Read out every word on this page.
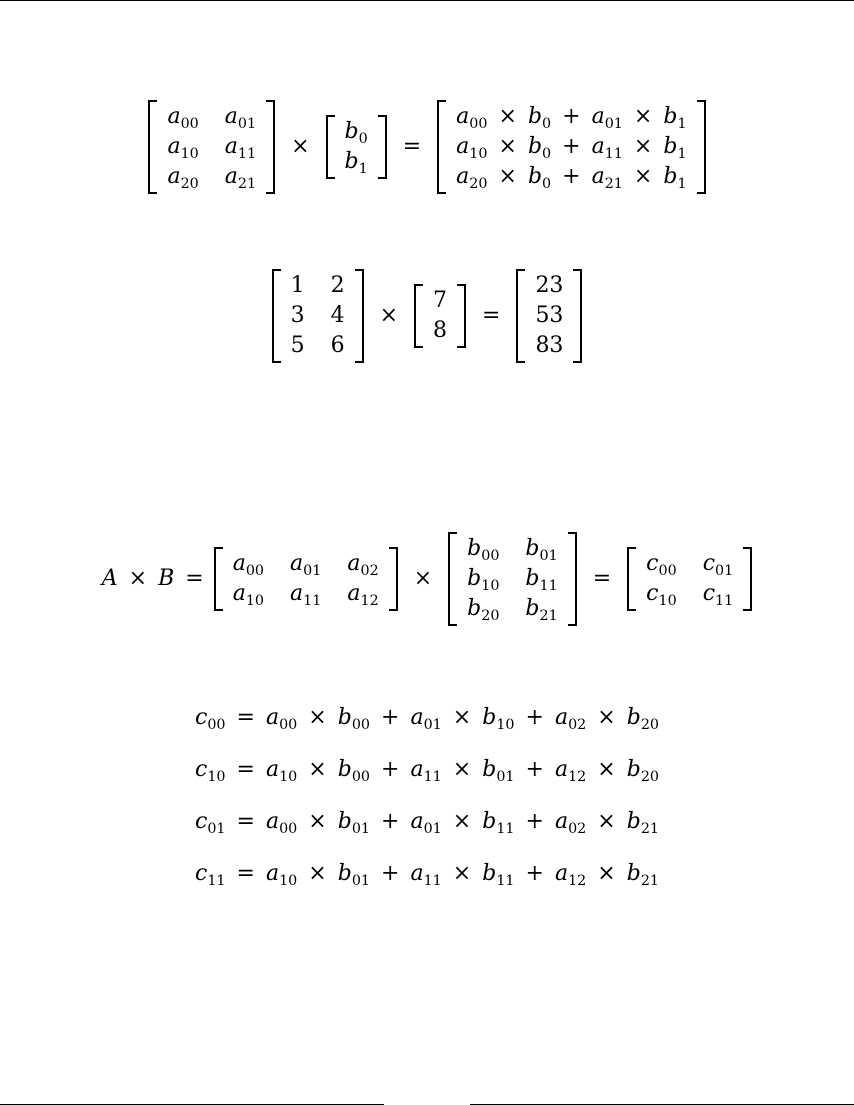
$a_{00}$ $a_{01}$
$a_{10}$ $a_{11}$
$a_{20}$ $a_{21}$
×
$b_0$
$b_1$
=
$a_{00} \times b_0 + a_{01} \times b_1$
$a_{10} \times b_0 + a_{11} \times b_1$
$a_{20} \times b_0 + a_{21} \times b_1$
1 2
3 4
5 6
×
7
8
=
23
53
83
A × B =
$a_{00}$ $a_{01}$ $a_{02}$
$a_{10}$ $a_{11}$ $a_{12}$
×
$b_{00}$ $b_{01}$
$b_{10}$ $b_{11}$
$b_{20}$ $b_{21}$
=
$c_{00}$ $c_{01}$
$c_{10}$ $c_{11}$
$c_{00} = a_{00} \times b_{00} + a_{01} \times b_{10} + a_{02} \times b_{20}$
$c_{10} = a_{10} \times b_{00} + a_{11} \times b_{01} + a_{12} \times b_{20}$
$c_{01} = a_{00} \times b_{01} + a_{01} \times b_{11} + a_{02} \times b_{21}$
$c_{11} = a_{10} \times b_{01} + a_{11} \times b_{11} + a_{12} \times b_{21}$
